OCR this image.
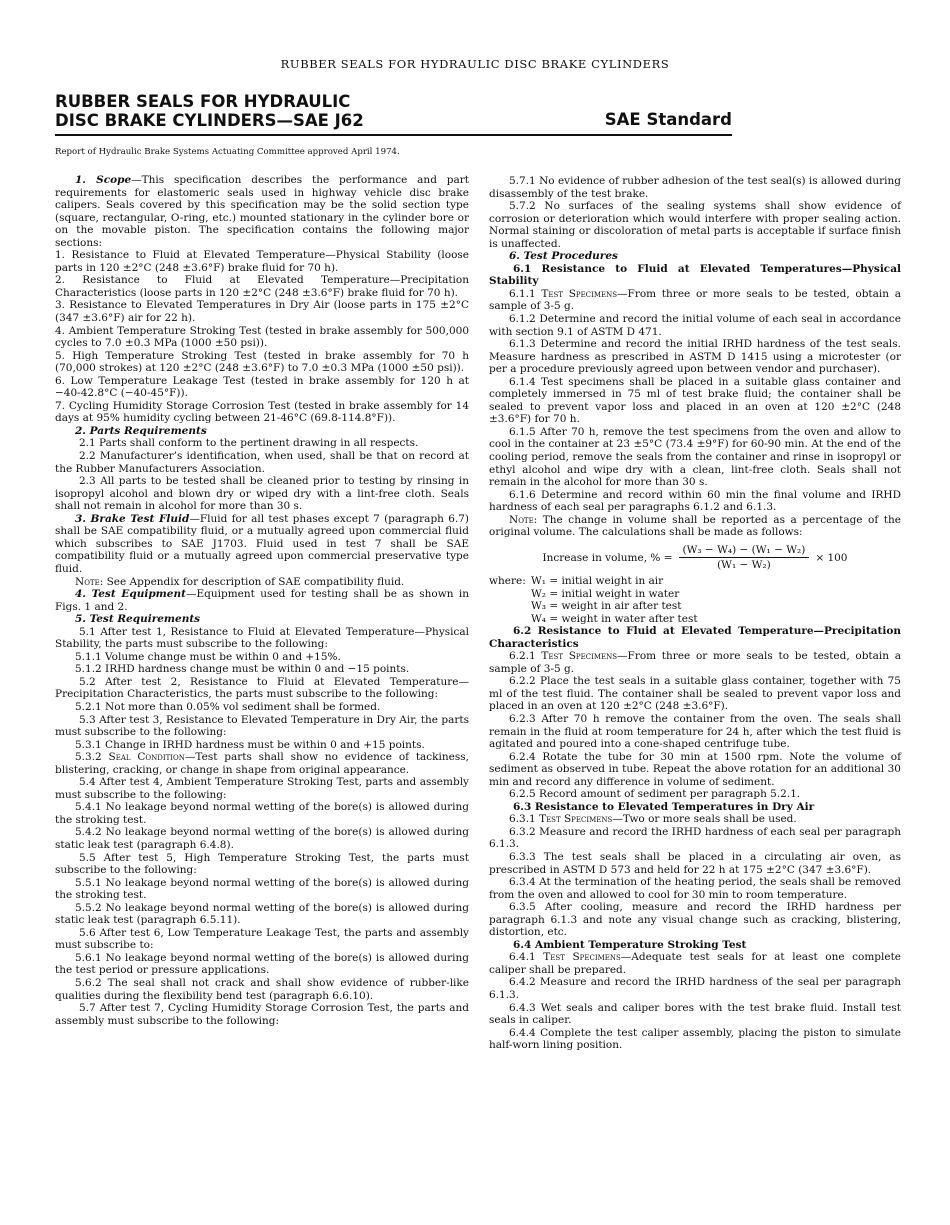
RUBBER SEALS FOR HYDRAULIC DISC BRAKE CYLINDERS
RUBBER SEALS FOR HYDRAULIC
DISC BRAKE CYLINDERS—SAE J62	SAE Standard
Report of Hydraulic Brake Systems Actuating Committee approved April 1974.

1. Scope—This specification describes the performance and part requirements for elastomeric seals used in highway vehicle disc brake calipers. Seals covered by this specification may be the solid section type (square, rectangular, O-ring, etc.) mounted stationary in the cylinder bore or on the movable piston. The specification contains the following major sections:

1. Resistance to Fluid at Elevated Temperature—Physical Stability (loose parts in 120 ±2°C (248 ±3.6°F) brake fluid for 70 h).

2. Resistance to Fluid at Elevated Temperature—Precipitation Characteristics (loose parts in 120 ±2°C (248 ±3.6°F) brake fluid for 70 h).

3. Resistance to Elevated Temperatures in Dry Air (loose parts in 175 ±2°C (347 ±3.6°F) air for 22 h).

4. Ambient Temperature Stroking Test (tested in brake assembly for 500,000 cycles to 7.0 ±0.3 MPa (1000 ±50 psi)).

5. High Temperature Stroking Test (tested in brake assembly for 70 h (70,000 strokes) at 120 ±2°C (248 ±3.6°F) to 7.0 ±0.3 MPa (1000 ±50 psi)).

6. Low Temperature Leakage Test (tested in brake assembly for 120 h at −40-42.8°C (−40-45°F)).

7. Cycling Humidity Storage Corrosion Test (tested in brake assembly for 14 days at 95% humidity cycling between 21-46°C (69.8-114.8°F)).

2. Parts Requirements

2.1 Parts shall conform to the pertinent drawing in all respects.

2.2 Manufacturer’s identification, when used, shall be that on record at the Rubber Manufacturers Association.

2.3 All parts to be tested shall be cleaned prior to testing by rinsing in isopropyl alcohol and blown dry or wiped dry with a lint-free cloth. Seals shall not remain in alcohol for more than 30 s.

3. Brake Test Fluid—Fluid for all test phases except 7 (paragraph 6.7) shall be SAE compatibility fluid, or a mutually agreed upon commercial fluid which subscribes to SAE J1703. Fluid used in test 7 shall be SAE compatibility fluid or a mutually agreed upon commercial preservative type fluid.

Note: See Appendix for description of SAE compatibility fluid.

4. Test Equipment—Equipment used for testing shall be as shown in Figs. 1 and 2.

5. Test Requirements

5.1 After test 1, Resistance to Fluid at Elevated Temperature—Physical Stability, the parts must subscribe to the following:

5.1.1 Volume change must be within 0 and +15%.

5.1.2 IRHD hardness change must be within 0 and −15 points.

5.2 After test 2, Resistance to Fluid at Elevated Temperature—Precipitation Characteristics, the parts must subscribe to the following:

5.2.1 Not more than 0.05% vol sediment shall be formed.

5.3 After test 3, Resistance to Elevated Temperature in Dry Air, the parts must subscribe to the following:

5.3.1 Change in IRHD hardness must be within 0 and +15 points.

5.3.2 Seal Condition—Test parts shall show no evidence of tackiness, blistering, cracking, or change in shape from original appearance.

5.4 After test 4, Ambient Temperature Stroking Test, parts and assembly must subscribe to the following:

5.4.1 No leakage beyond normal wetting of the bore(s) is allowed during the stroking test.

5.4.2 No leakage beyond normal wetting of the bore(s) is allowed during static leak test (paragraph 6.4.8).

5.5 After test 5, High Temperature Stroking Test, the parts must subscribe to the following:

5.5.1 No leakage beyond normal wetting of the bore(s) is allowed during the stroking test.

5.5.2 No leakage beyond normal wetting of the bore(s) is allowed during static leak test (paragraph 6.5.11).

5.6 After test 6, Low Temperature Leakage Test, the parts and assembly must subscribe to:

5.6.1 No leakage beyond normal wetting of the bore(s) is allowed during the test period or pressure applications.

5.6.2 The seal shall not crack and shall show evidence of rubber-like qualities during the flexibility bend test (paragraph 6.6.10).

5.7 After test 7, Cycling Humidity Storage Corrosion Test, the parts and assembly must subscribe to the following:

5.7.1 No evidence of rubber adhesion of the test seal(s) is allowed during disassembly of the test brake.

5.7.2 No surfaces of the sealing systems shall show evidence of corrosion or deterioration which would interfere with proper sealing action. Normal staining or discoloration of metal parts is acceptable if surface finish is unaffected.

6. Test Procedures

6.1 Resistance to Fluid at Elevated Temperatures—Physical Stability

6.1.1 Test Specimens—From three or more seals to be tested, obtain a sample of 3-5 g.

6.1.2 Determine and record the initial volume of each seal in accordance with section 9.1 of ASTM D 471.

6.1.3 Determine and record the initial IRHD hardness of the test seals. Measure hardness as prescribed in ASTM D 1415 using a microtester (or per a procedure previously agreed upon between vendor and purchaser).

6.1.4 Test specimens shall be placed in a suitable glass container and completely immersed in 75 ml of test brake fluid; the container shall be sealed to prevent vapor loss and placed in an oven at 120 ±2°C (248 ±3.6°F) for 70 h.

6.1.5 After 70 h, remove the test specimens from the oven and allow to cool in the container at 23 ±5°C (73.4 ±9°F) for 60-90 min. At the end of the cooling period, remove the seals from the container and rinse in isopropyl or ethyl alcohol and wipe dry with a clean, lint-free cloth. Seals shall not remain in the alcohol for more than 30 s.

6.1.6 Determine and record within 60 min the final volume and IRHD hardness of each seal per paragraphs 6.1.2 and 6.1.3.

Note: The change in volume shall be reported as a percentage of the original volume. The calculations shall be made as follows:

Increase in volume, % = $\frac{\text{(W₃ − W₄) − (W₁ − W₂)}}{\text{(W₁ − W₂)}} \times 100$
where: W₁ = initial weight in air

W₂ = initial weight in water

W₃ = weight in air after test

W₄ = weight in water after test

6.2 Resistance to Fluid at Elevated Temperature—Precipitation Characteristics

6.2.1 Test Specimens—From three or more seals to be tested, obtain a sample of 3-5 g.

6.2.2 Place the test seals in a suitable glass container, together with 75 ml of the test fluid. The container shall be sealed to prevent vapor loss and placed in an oven at 120 ±2°C (248 ±3.6°F).

6.2.3 After 70 h remove the container from the oven. The seals shall remain in the fluid at room temperature for 24 h, after which the test fluid is agitated and poured into a cone-shaped centrifuge tube.

6.2.4 Rotate the tube for 30 min at 1500 rpm. Note the volume of sediment as observed in tube. Repeat the above rotation for an additional 30 min and record any difference in volume of sediment.

6.2.5 Record amount of sediment per paragraph 5.2.1.

6.3 Resistance to Elevated Temperatures in Dry Air

6.3.1 Test Specimens—Two or more seals shall be used.

6.3.2 Measure and record the IRHD hardness of each seal per paragraph 6.1.3.

6.3.3 The test seals shall be placed in a circulating air oven, as prescribed in ASTM D 573 and held for 22 h at 175 ±2°C (347 ±3.6°F).

6.3.4 At the termination of the heating period, the seals shall be removed from the oven and allowed to cool for 30 min to room temperature.

6.3.5 After cooling, measure and record the IRHD hardness per paragraph 6.1.3 and note any visual change such as cracking, blistering, distortion, etc.

6.4 Ambient Temperature Stroking Test

6.4.1 Test Specimens—Adequate test seals for at least one complete caliper shall be prepared.

6.4.2 Measure and record the IRHD hardness of the seal per paragraph 6.1.3.

6.4.3 Wet seals and caliper bores with the test brake fluid. Install test seals in caliper.

6.4.4 Complete the test caliper assembly, placing the piston to simulate half-worn lining position.
